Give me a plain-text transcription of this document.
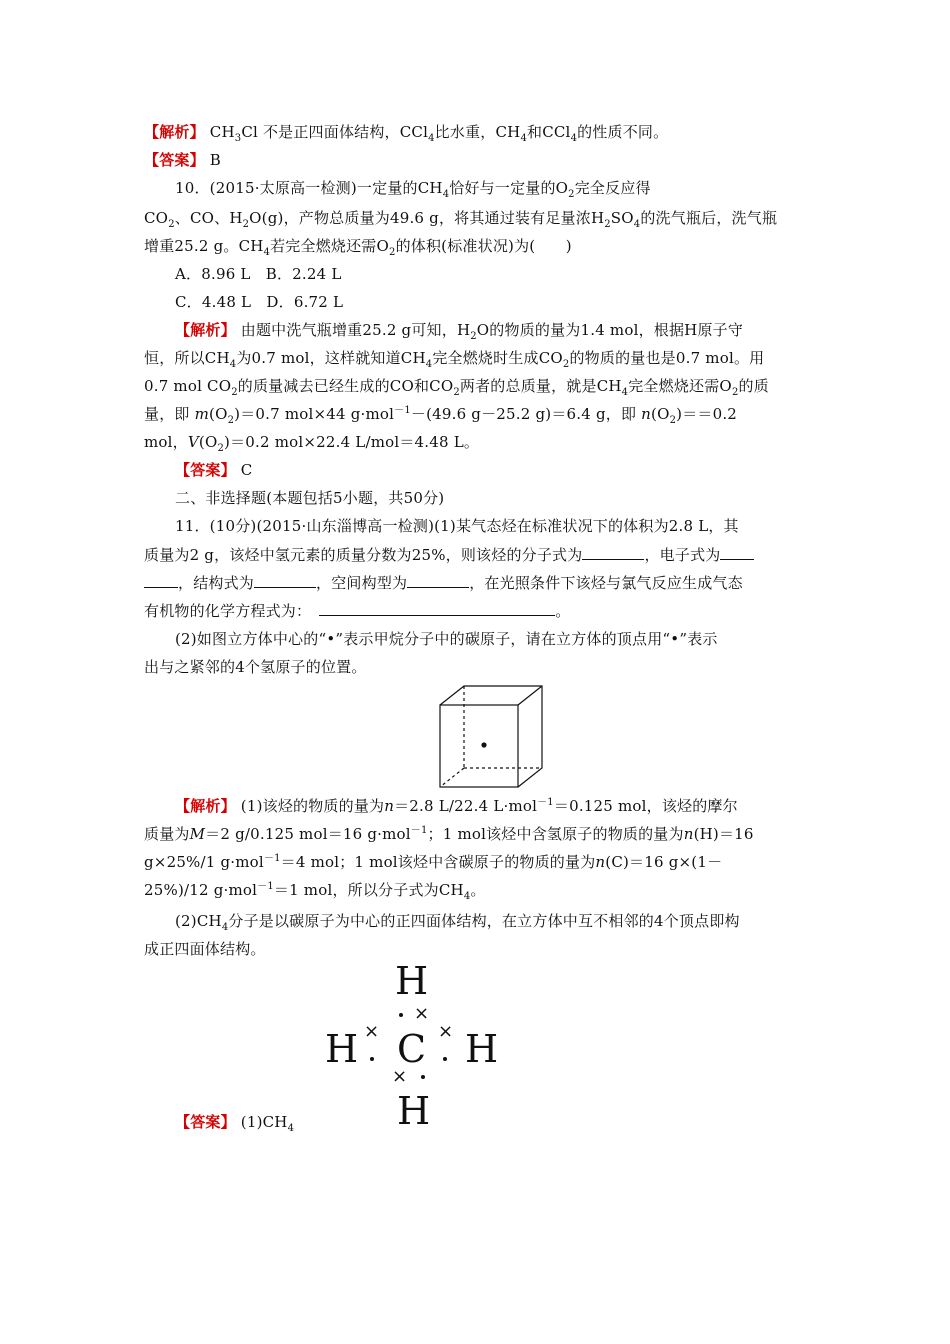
【解析】 $CH_3Cl$ 不是正四面体结构，CCl$_4$比水重，$CH_4$和CCl$_4$的性质不同。
【答案】 B
10．(2015·太原高一检测)一定量的$CH_4$恰好与一定量的$O_2$完全反应得
$CO_2$、CO、$H_2O(g)$，产物总质量为49.6 g，将其通过装有足量浓$H_2SO_4$的洗气瓶后，洗气瓶
增重25.2 g。$CH_4$若完全燃烧还需$O_2$的体积(标准状况)为(　　)
A．8.96 L　B．2.24 L
C．4.48 L　D．6.72 L
【解析】 由题中洗气瓶增重25.2 g可知，$H_2O$的物质的量为1.4 mol，根据H原子守
恒，所以$CH_4$为0.7 mol，这样就知道$CH_4$完全燃烧时生成$CO_2$的物质的量也是0.7 mol。用
0.7 mol $CO_2$的质量减去已经生成的CO和$CO_2$两者的总质量，就是$CH_4$完全燃烧还需$O_2$的质
量，即 $m(O_2)=0.7$ mol×44 g·mol$^{-1}$－(49.6 g－25.2 g)＝6.4 g，即 $n(O_2)==0.2$
mol，$V(O_2)=0.2$ mol×22.4 L/mol＝4.48 L。
【答案】 C
二、非选择题(本题包括5小题，共50分)
11．(10分)(2015·山东淄博高一检测)(1)某气态烃在标准状况下的体积为2.8 L，其
质量为2 g，该烃中氢元素的质量分数为25%，则该烃的分子式为	，电子式为
，结构式为	，空间构型为	，在光照条件下该烃与氯气反应生成气态
有机物的化学方程式为：	。
(2)如图立方体中心的“•”表示甲烷分子中的碳原子，请在立方体的顶点用“•”表示
出与之紧邻的4个氢原子的位置。
【解析】 (1)该烃的物质的量为n＝2.8 L/22.4 L·mol$^{-1}$＝0.125 mol，该烃的摩尔
质量为M＝2 g/0.125 mol＝16 g·mol$^{-1}$；1 mol该烃中含氢原子的物质的量为n(H)＝16
g×25%/1 g·mol$^{-1}$＝4 mol；1 mol该烃中含碳原子的物质的量为n(C)＝16 g×(1－
25%)/12 g·mol$^{-1}$＝1 mol，所以分子式为$CH_4$。
$(2)CH_4$分子是以碳原子为中心的正四面体结构，在立方体中互不相邻的4个顶点即构
成正四面体结构。
H
H C H
H
×
×	×
×
【答案】 $(1)CH_4$
